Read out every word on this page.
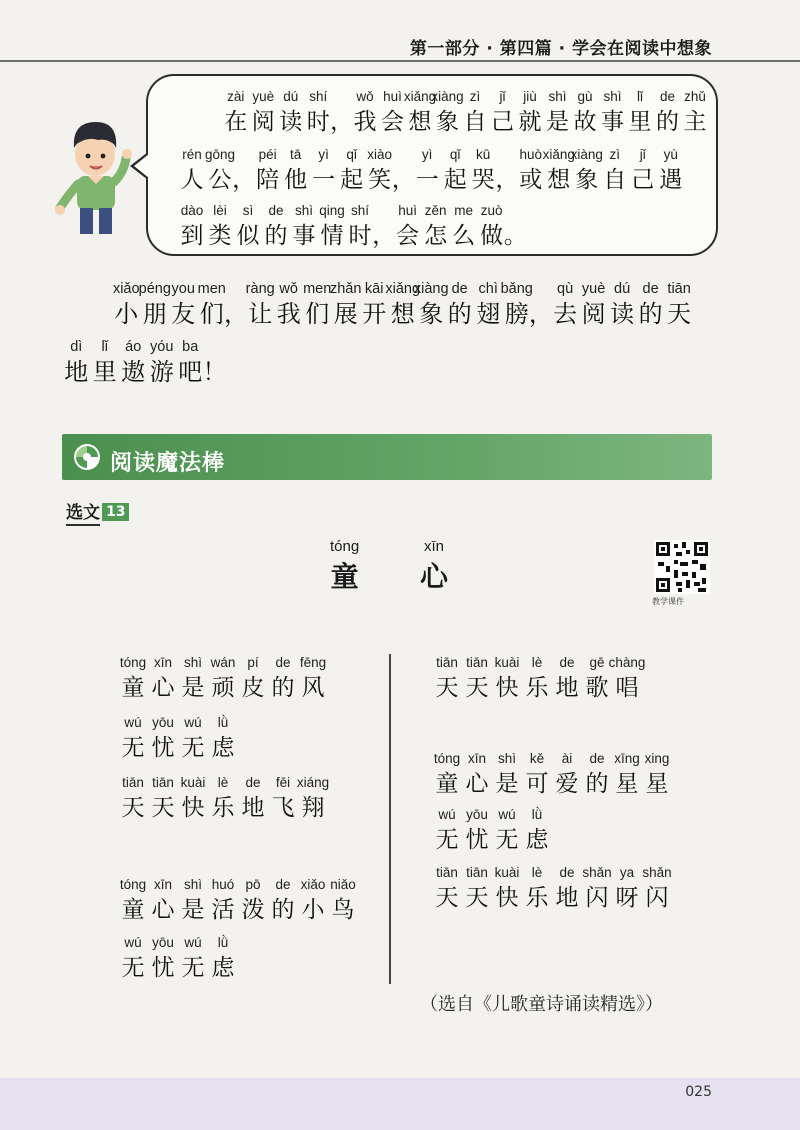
第一部分 · 第四篇 · 学会在阅读中想象
zài
在
yuè
阅
dú
读
shí
时 ，
wǒ
我
huì
会
xiǎng
想
xiàng
象
zì
自
jǐ
己
jiù
就
shì
是
gù
故
shì
事
lǐ
里
de
的
zhǔ
主
rén
人
gōng
公 ，
péi
陪
tā
他
yì
一
qǐ
起
xiào
笑 ，
yì
一
qǐ
起
kū
哭 ，
huò
或
xiǎng
想
xiàng
象
zì
自
jǐ
己
yù
遇
dào
到
lèi
类
sì
似
de
的
shì
事
qing
情
shí
时 ，
huì
会
zěn
怎
me
么
zuò
做 。
xiǎo
小
péng
朋
you
友
men
们 ，
ràng
让
wǒ
我
men
们
zhǎn
展
kāi
开
xiǎng
想
xiàng
象
de
的
chì
翅
bǎng
膀 ，
qù
去
yuè
阅
dú
读
de
的
tiān
天
dì
地
lǐ
里
áo
遨
yóu
游
ba
吧 ！
阅读魔法棒
选文 13
tóng
童
xīn
心
教学课件
tóng
童
xīn
心
shì
是
wán
顽
pí
皮
de
的
fēng
风
wú
无
yōu
忧
wú
无
lǜ
虑
tiān
天
tiān
天
kuài
快
lè
乐
de
地
fēi
飞
xiáng
翔
tóng
童
xīn
心
shì
是
huó
活
pō
泼
de
的
xiǎo
小
niǎo
鸟
wú
无
yōu
忧
wú
无
lǜ
虑
tiān
天
tiān
天
kuài
快
lè
乐
de
地
gē
歌
chàng
唱
tóng
童
xīn
心
shì
是
kě
可
ài
爱
de
的
xīng
星
xing
星
wú
无
yōu
忧
wú
无
lǜ
虑
tiān
天
tiān
天
kuài
快
lè
乐
de
地
shǎn
闪
ya
呀
shǎn
闪
（选自《儿歌童诗诵读精选》）
025
